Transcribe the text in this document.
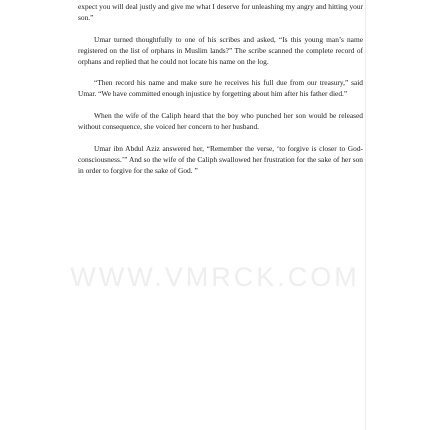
expect you will deal justly and give me what I deserve for unleashing my angry and hitting your son.”

Umar turned thoughtfully to one of his scribes and asked, “Is this young man’s name registered on the list of orphans in Muslim lands?” The scribe scanned the complete record of orphans and replied that he could not locate his name on the log.

“Then record his name and make sure he receives his full due from our treasury,” said Umar. “We have committed enough injustice by forgetting about him after his father died.”

When the wife of the Caliph heard that the boy who punched her son would be released without consequence, she voiced her concern to her husband.

Umar ibn Abdul Aziz answered her, “Remember the verse, ‘to forgive is closer to God-consciousness.’” And so the wife of the Caliph swallowed her frustration for the sake of her son in order to forgive for the sake of God. ”

WWW.VMRCK.COM
